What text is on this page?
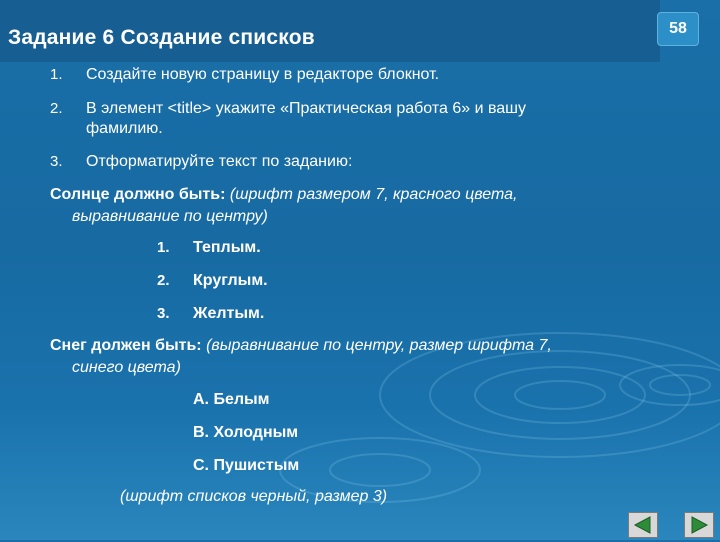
Задание 6 Создание списков	58

1. Создайте новую страницу в редакторе блокнот.

2. В элемент <title> укажите «Практическая работа 6» и вашу

фамилию.

3. Отформатируйте текст по заданию:

Солнце должно быть: (шрифт размером 7, красного цвета,

выравнивание по центру)

1. Теплым.

2. Круглым.

3. Желтым.

Снег должен быть: (выравнивание по центру, размер шрифта 7,

синего цвета)

A. Белым

B. Холодным

C. Пушистым

(шрифт списков черный, размер 3)
